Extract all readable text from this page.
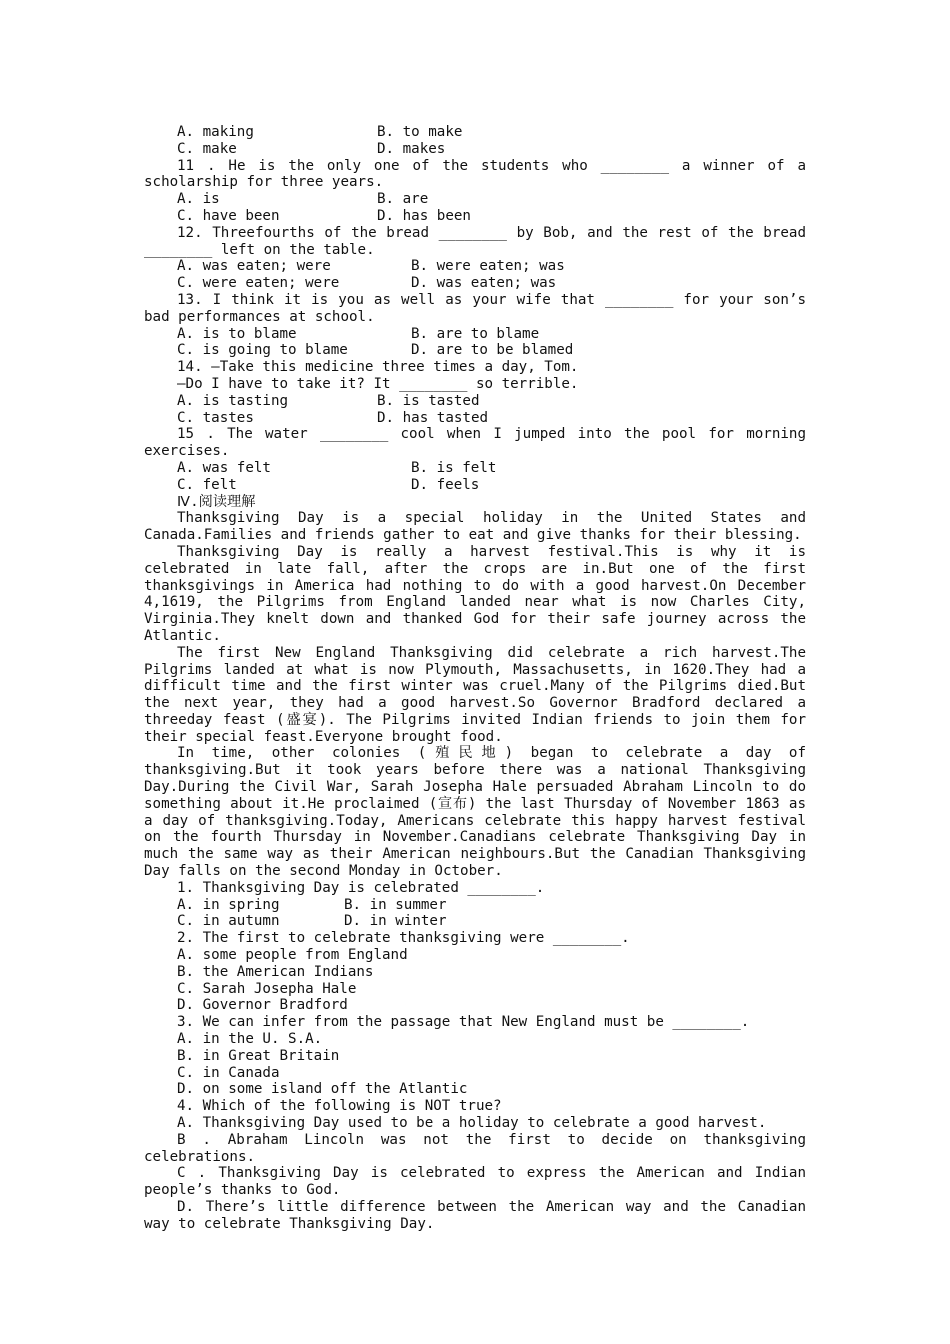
A. making	B. to make
C. make	D. makes

11 . He is the only one of the students who ________ a winner of a scholarship for three years.

A. is	B. are
C. have been	D. has been

12. Threefourths of the bread ________ by Bob, and the rest of the bread ________ left on the table.

A. was eaten; were	B. were eaten; was
C. were eaten; were	D. was eaten; was

13. I think it is you as well as your wife that ________ for your son’s bad performances at school.

A. is to blame	B. are to blame
C. is going to blame	D. are to be blamed
14. —Take this medicine three times a day, Tom.
—Do I have to take it? It ________ so terrible.
A. is tasting	B. is tasted
C. tastes	D. has tasted

15 . The water ________ cool when I jumped into the pool for morning exercises.

A. was felt	B. is felt
C. felt	D. feels
Ⅳ.阅读理解

Thanksgiving Day is a special holiday in the United States and Canada.Families and friends gather to eat and give thanks for their blessing.

Thanksgiving Day is really a harvest festival.This is why it is celebrated in late fall, after the crops are in.But one of the first thanksgivings in America had nothing to do with a good harvest.On December 4,1619, the Pilgrims from England landed near what is now Charles City, Virginia.They knelt down and thanked God for their safe journey across the Atlantic.

The first New England Thanksgiving did celebrate a rich harvest.The Pilgrims landed at what is now Plymouth, Massachusetts, in 1620.They had a difficult time and the first winter was cruel.Many of the Pilgrims died.But the next year, they had a good harvest.So Governor Bradford declared a threeday feast (盛宴). The Pilgrims invited Indian friends to join them for their special feast.Everyone brought food.

In time, other colonies (殖民地) began to celebrate a day of thanksgiving.But it took years before there was a national Thanksgiving Day.During the Civil War, Sarah Josepha Hale persuaded Abraham Lincoln to do something about it.He proclaimed (宣布) the last Thursday of November 1863 as a day of thanksgiving.Today, Americans celebrate this happy harvest festival on the fourth Thursday in November.Canadians celebrate Thanksgiving Day in much the same way as their American neighbours.But the Canadian Thanksgiving Day falls on the second Monday in October.

1. Thanksgiving Day is celebrated ________.
A. in spring	B. in summer
C. in autumn	D. in winter
2. The first to celebrate thanksgiving were ________.
A. some people from England
B. the American Indians
C. Sarah Josepha Hale
D. Governor Bradford
3. We can infer from the passage that New England must be ________.
A. in the U. S.A.
B. in Great Britain
C. in Canada
D. on some island off the Atlantic
4. Which of the following is NOT true?
A. Thanksgiving Day used to be a holiday to celebrate a good harvest.

B . Abraham Lincoln was not the first to decide on thanksgiving celebrations.

C . Thanksgiving Day is celebrated to express the American and Indian people’s thanks to God.

D. There’s little difference between the American way and the Canadian way to celebrate Thanksgiving Day.
